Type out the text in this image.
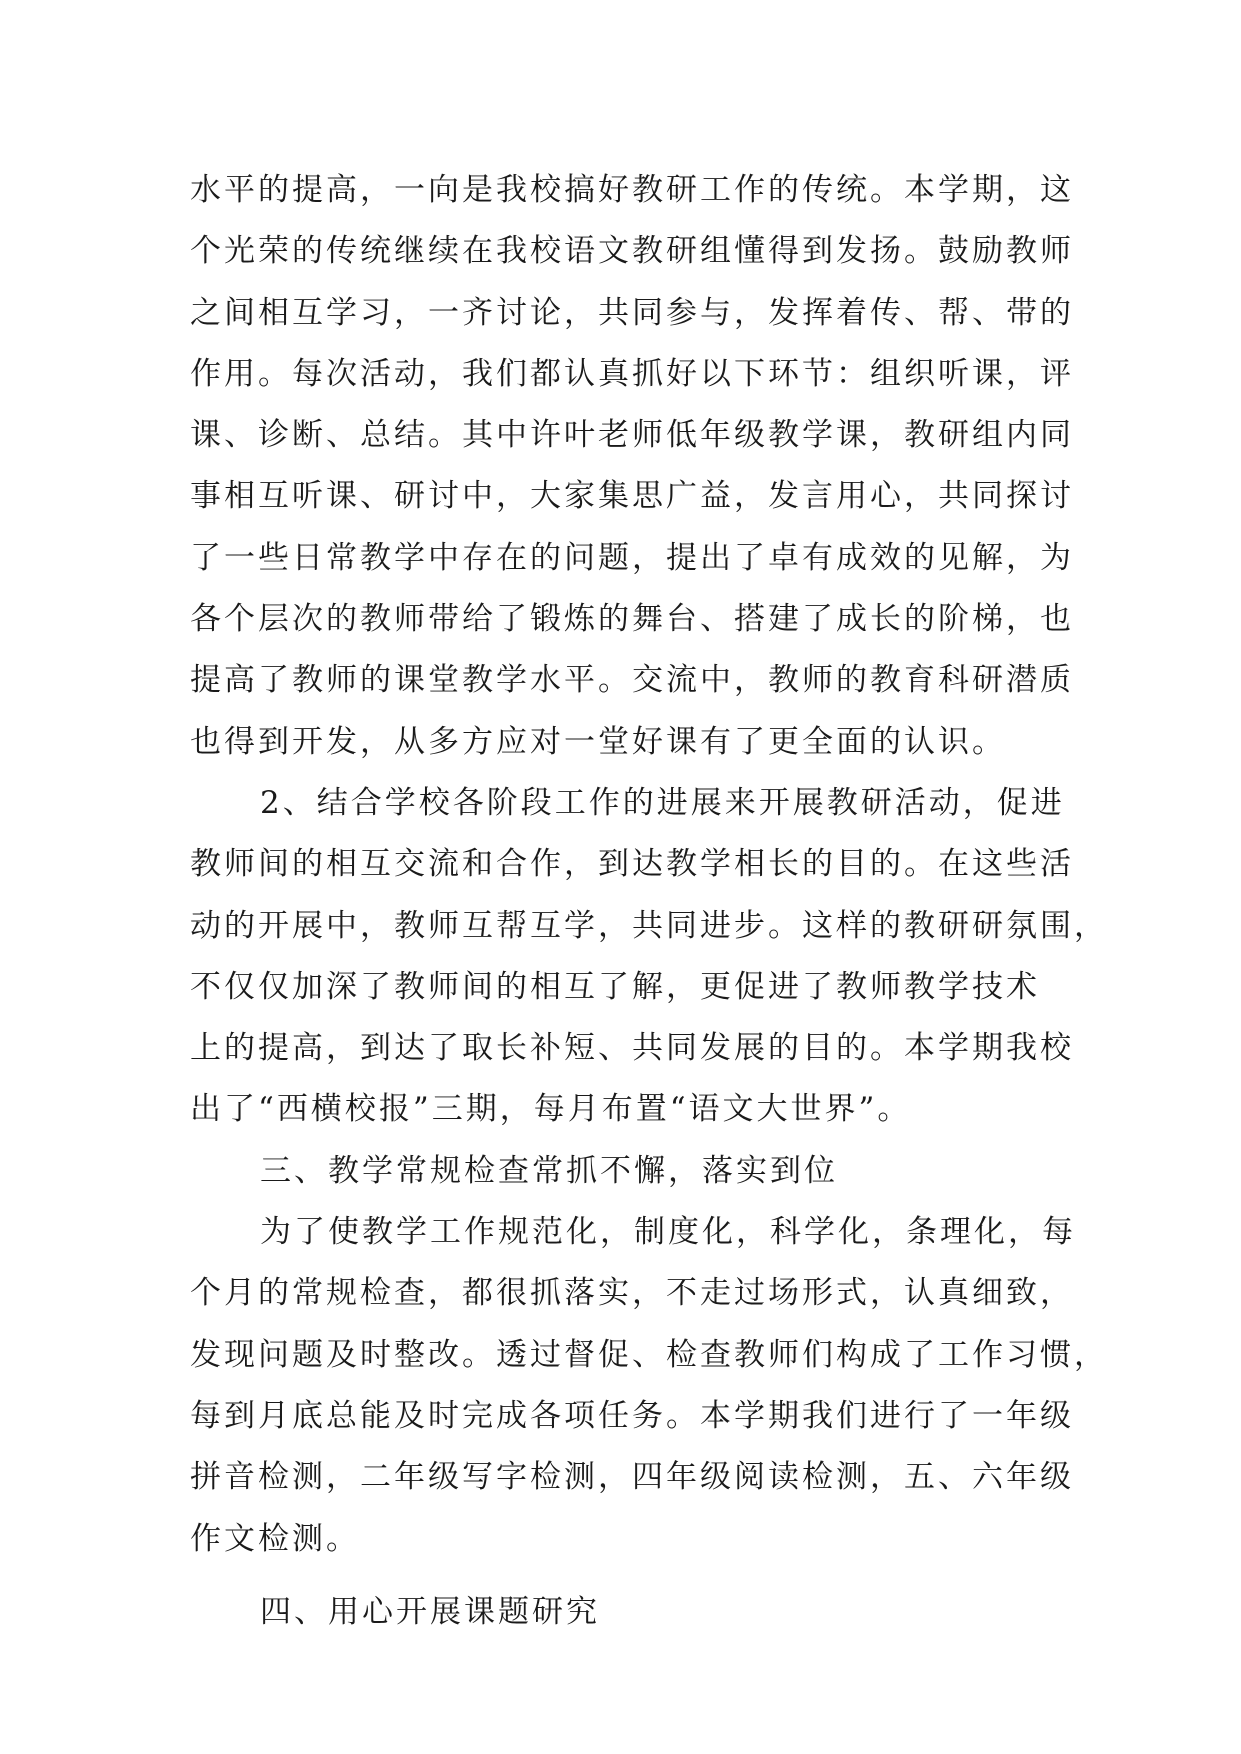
水平的提高，一向是我校搞好教研工作的传统。本学期，这
个光荣的传统继续在我校语文教研组懂得到发扬。鼓励教师
之间相互学习，一齐讨论，共同参与，发挥着传、帮、带的
作用。每次活动，我们都认真抓好以下环节：组织听课，评
课、诊断、总结。其中许叶老师低年级教学课，教研组内同
事相互听课、研讨中，大家集思广益，发言用心，共同探讨
了一些日常教学中存在的问题，提出了卓有成效的见解，为
各个层次的教师带给了锻炼的舞台、搭建了成长的阶梯，也
提高了教师的课堂教学水平。交流中，教师的教育科研潜质
也得到开发，从多方应对一堂好课有了更全面的认识。
2、结合学校各阶段工作的进展来开展教研活动，促进
教师间的相互交流和合作，到达教学相长的目的。在这些活
动的开展中，教师互帮互学，共同进步。这样的教研研氛围，
不仅仅加深了教师间的相互了解，更促进了教师教学技术
上的提高，到达了取长补短、共同发展的目的。本学期我校
出了“西横校报”三期，每月布置“语文大世界”。
三、教学常规检查常抓不懈，落实到位
为了使教学工作规范化，制度化，科学化，条理化，每
个月的常规检查，都很抓落实，不走过场形式，认真细致，
发现问题及时整改。透过督促、检查教师们构成了工作习惯，
每到月底总能及时完成各项任务。本学期我们进行了一年级
拼音检测，二年级写字检测，四年级阅读检测，五、六年级
作文检测。
四、用心开展课题研究
